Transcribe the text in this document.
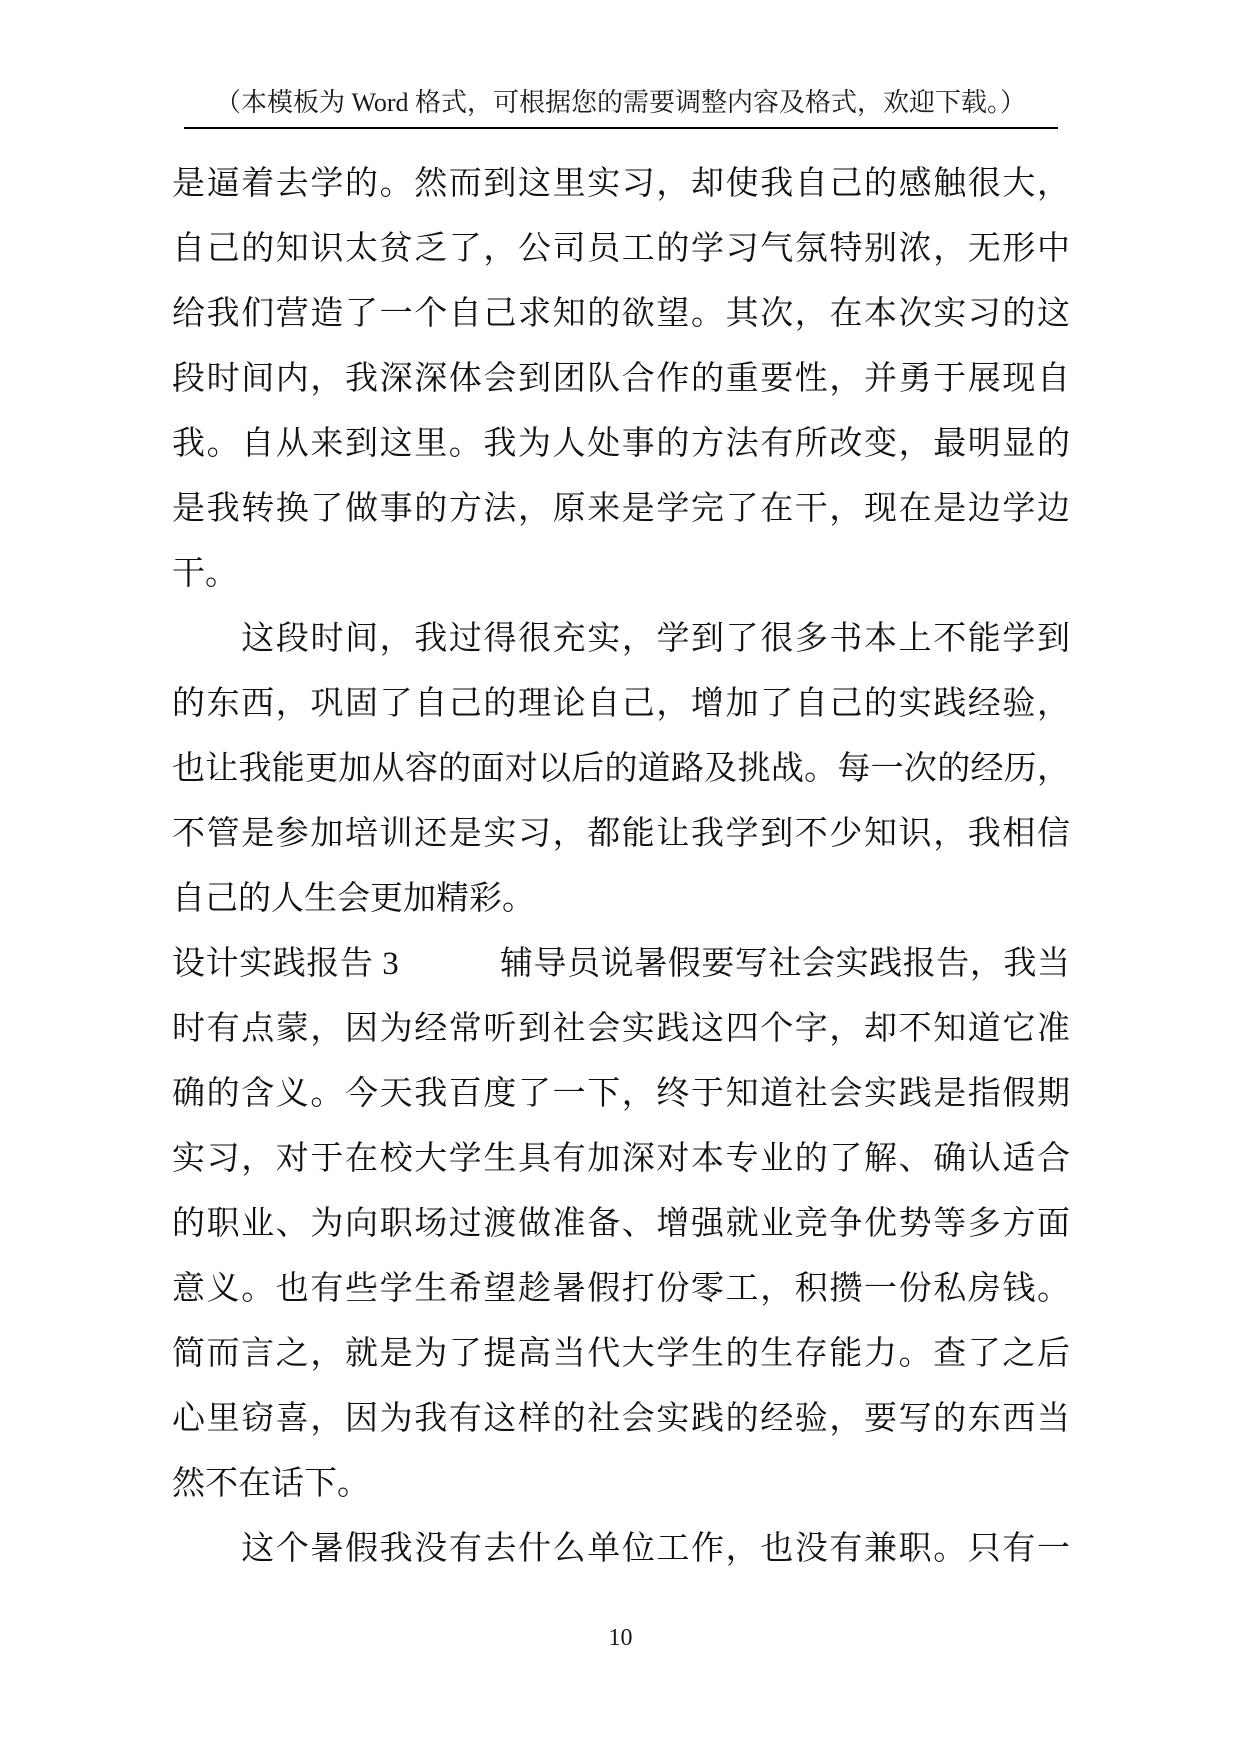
（本模板为 Word 格式，可根据您的需要调整内容及格式，欢迎下载。）
是逼着去学的。然而到这里实习，却使我自己的感触很大，
自己的知识太贫乏了，公司员工的学习气氛特别浓，无形中
给我们营造了一个自己求知的欲望。其次，在本次实习的这
段时间内，我深深体会到团队合作的重要性，并勇于展现自
我。自从来到这里。我为人处事的方法有所改变，最明显的
是我转换了做事的方法，原来是学完了在干，现在是边学边
干。
这段时间，我过得很充实，学到了很多书本上不能学到
的东西，巩固了自己的理论自己，增加了自己的实践经验，
也让我能更加从容的面对以后的道路及挑战。每一次的经历，
不管是参加培训还是实习，都能让我学到不少知识，我相信
自己的人生会更加精彩。
设计实践报告 3　　　辅导员说暑假要写社会实践报告，我当
时有点蒙，因为经常听到社会实践这四个字，却不知道它准
确的含义。今天我百度了一下，终于知道社会实践是指假期
实习，对于在校大学生具有加深对本专业的了解、确认适合
的职业、为向职场过渡做准备、增强就业竞争优势等多方面
意义。也有些学生希望趁暑假打份零工，积攒一份私房钱。
简而言之，就是为了提高当代大学生的生存能力。查了之后
心里窃喜，因为我有这样的社会实践的经验，要写的东西当
然不在话下。
这个暑假我没有去什么单位工作，也没有兼职。只有一
10
